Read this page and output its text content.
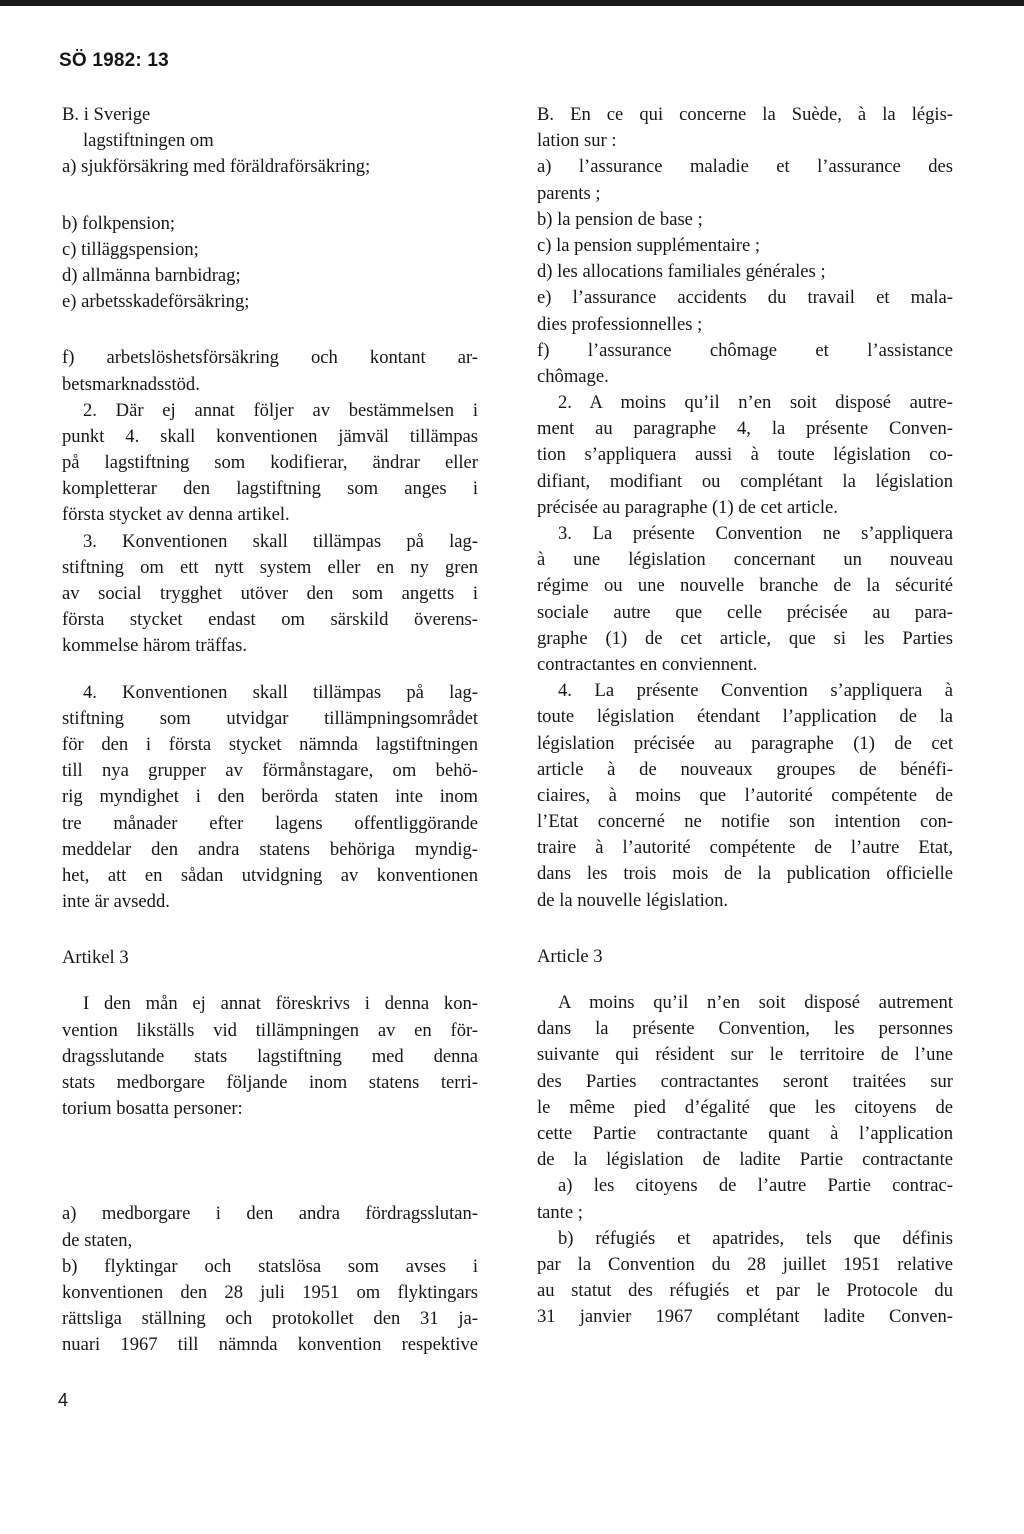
SÖ 1982: 13
B. i Sverige
lagstiftningen om
a) sjukförsäkring med föräldraförsäkring;
b) folkpension;
c) tilläggspension;
d) allmänna barnbidrag;
e) arbetsskadeförsäkring;
f) arbetslöshetsförsäkring och kontant ar-
betsmarknadsstöd.
2. Där ej annat följer av bestämmelsen i
punkt 4. skall konventionen jämväl tillämpas
på lagstiftning som kodifierar, ändrar eller
kompletterar den lagstiftning som anges i
första stycket av denna artikel.
3. Konventionen skall tillämpas på lag-
stiftning om ett nytt system eller en ny gren
av social trygghet utöver den som angetts i
första stycket endast om särskild överens-
kommelse härom träffas.
4. Konventionen skall tillämpas på lag-
stiftning som utvidgar tillämpningsområdet
för den i första stycket nämnda lagstiftningen
till nya grupper av förmånstagare, om behö-
rig myndighet i den berörda staten inte inom
tre månader efter lagens offentliggörande
meddelar den andra statens behöriga myndig-
het, att en sådan utvidgning av konventionen
inte är avsedd.
Artikel 3
I den mån ej annat föreskrivs i denna kon-
vention likställs vid tillämpningen av en för-
dragsslutande stats lagstiftning med denna
stats medborgare följande inom statens terri-
torium bosatta personer:
a) medborgare i den andra fördragsslutan-
de staten,
b) flyktingar och statslösa som avses i
konventionen den 28 juli 1951 om flyktingars
rättsliga ställning och protokollet den 31 ja-
nuari 1967 till nämnda konvention respektive
B. En ce qui concerne la Suède, à la légis-
lation sur :
a) l’assurance maladie et l’assurance des
parents ;
b) la pension de base ;
c) la pension supplémentaire ;
d) les allocations familiales générales ;
e) l’assurance accidents du travail et mala-
dies professionnelles ;
f) l’assurance chômage et l’assistance
chômage.
2. A moins qu’il n’en soit disposé autre-
ment au paragraphe 4, la présente Conven-
tion s’appliquera aussi à toute législation co-
difiant, modifiant ou complétant la législation
précisée au paragraphe (1) de cet article.
3. La présente Convention ne s’appliquera
à une législation concernant un nouveau
régime ou une nouvelle branche de la sécurité
sociale autre que celle précisée au para-
graphe (1) de cet article, que si les Parties
contractantes en conviennent.
4. La présente Convention s’appliquera à
toute législation étendant l’application de la
législation précisée au paragraphe (1) de cet
article à de nouveaux groupes de bénéfi-
ciaires, à moins que l’autorité compétente de
l’Etat concerné ne notifie son intention con-
traire à l’autorité compétente de l’autre Etat,
dans les trois mois de la publication officielle
de la nouvelle législation.
Article 3
A moins qu’il n’en soit disposé autrement
dans la présente Convention, les personnes
suivante qui résident sur le territoire de l’une
des Parties contractantes seront traitées sur
le même pied d’égalité que les citoyens de
cette Partie contractante quant à l’application
de la législation de ladite Partie contractante
a) les citoyens de l’autre Partie contrac-
tante ;
b) réfugiés et apatrides, tels que définis
par la Convention du 28 juillet 1951 relative
au statut des réfugiés et par le Protocole du
31 janvier 1967 complétant ladite Conven-
4
